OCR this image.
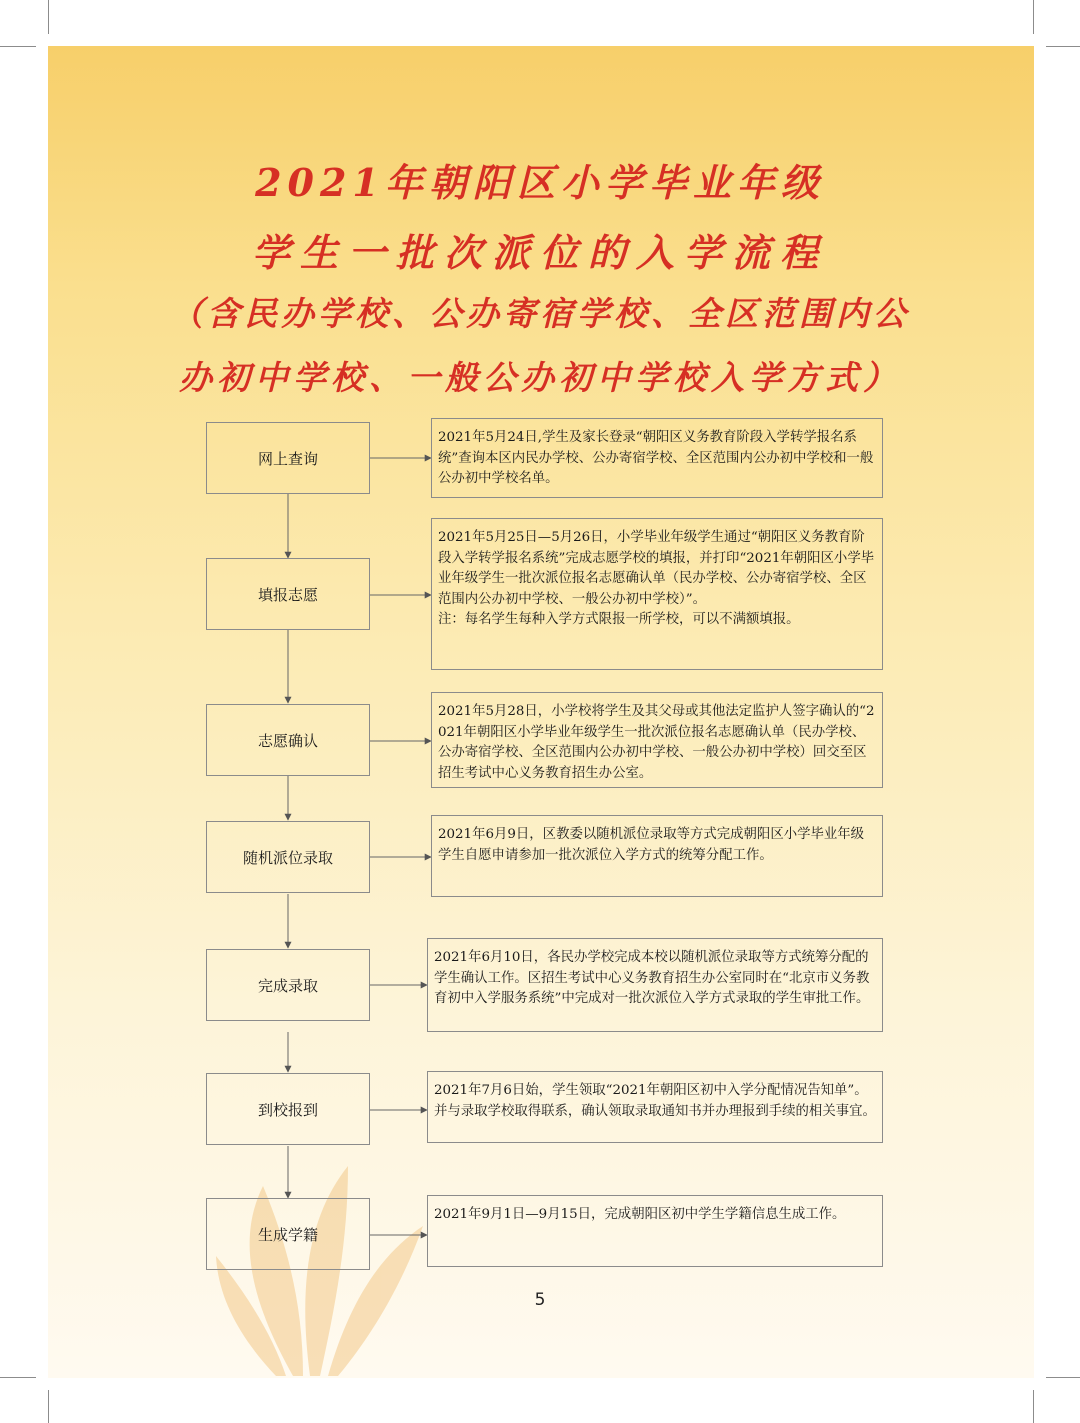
2021年朝阳区小学毕业年级
学生一批次派位的入学流程
（含民办学校、公办寄宿学校、全区范围内公
办初中学校、一般公办初中学校入学方式）
网上查询
填报志愿
志愿确认
随机派位录取
完成录取
到校报到
生成学籍
2021年5月24日,学生及家长登录“朝阳区义务教育阶段入学转学报名系统”查询本区内民办学校、公办寄宿学校、全区范围内公办初中学校和一般公办初中学校名单。
2021年5月25日—5月26日，小学毕业年级学生通过“朝阳区义务教育阶段入学转学报名系统”完成志愿学校的填报，并打印“2021年朝阳区小学毕业年级学生一批次派位报名志愿确认单（民办学校、公办寄宿学校、全区范围内公办初中学校、一般公办初中学校）”。
注：每名学生每种入学方式限报一所学校，可以不满额填报。
2021年5月28日，小学校将学生及其父母或其他法定监护人签字确认的“2021年朝阳区小学毕业年级学生一批次派位报名志愿确认单（民办学校、公办寄宿学校、全区范围内公办初中学校、一般公办初中学校）回交至区招生考试中心义务教育招生办公室。
2021年6月9日，区教委以随机派位录取等方式完成朝阳区小学毕业年级学生自愿申请参加一批次派位入学方式的统筹分配工作。
2021年6月10日，各民办学校完成本校以随机派位录取等方式统筹分配的学生确认工作。区招生考试中心义务教育招生办公室同时在“北京市义务教育初中入学服务系统”中完成对一批次派位入学方式录取的学生审批工作。
2021年7月6日始，学生领取“2021年朝阳区初中入学分配情况告知单”。并与录取学校取得联系，确认领取录取通知书并办理报到手续的相关事宜。
2021年9月1日—9月15日，完成朝阳区初中学生学籍信息生成工作。
5
